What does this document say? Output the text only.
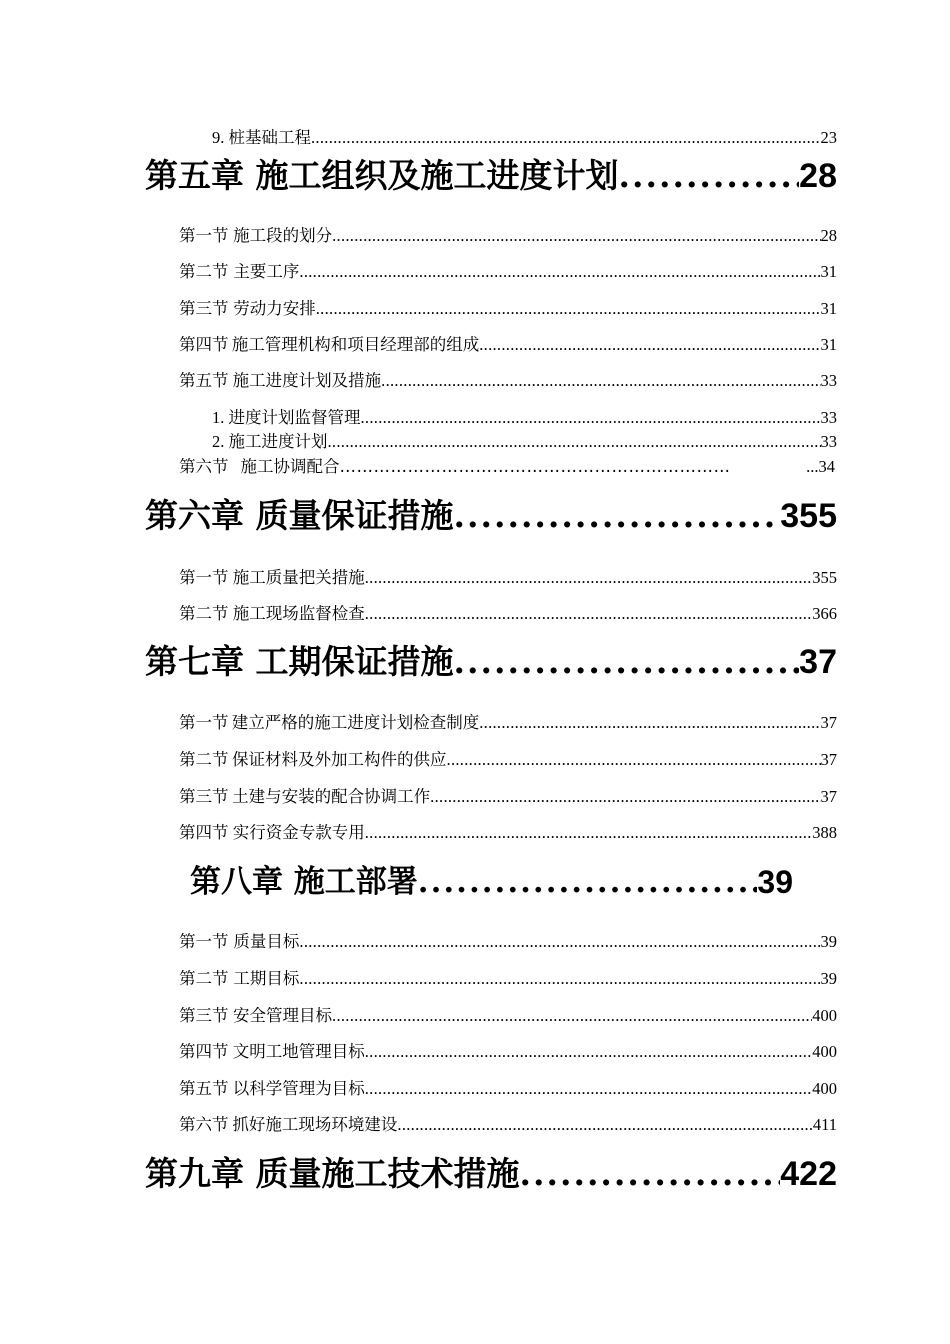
9. 桩基础工程 .....	23
第五章 施工组织及施工进度计划 .....	28
第一节 施工段的划分 .....	28
第二节 主要工序 .....	31
第三节 劳动力安排 .....	31
第四节 施工管理机构和项目经理部的组成 .....	31
第五节 施工进度计划及措施 .....	33
1. 进度计划监督管理 .....	33
2. 施工进度计划 .....	33
第六节 施工协调配合 ……………………………………………………………	...34
第六章 质量保证措施 .....	355
第一节 施工质量把关措施 .....	355
第二节 施工现场监督检查 .....	366
第七章 工期保证措施 .....	37
第一节 建立严格的施工进度计划检查制度 .....	37
第二节 保证材料及外加工构件的供应 .....	37
第三节 土建与安装的配合协调工作 .....	37
第四节 实行资金专款专用 .....	388
第八章 施工部署 .....	39
第一节 质量目标 .....	39
第二节 工期目标 .....	39
第三节 安全管理目标 .....	400
第四节 文明工地管理目标 .....	400
第五节 以科学管理为目标 .....	400
第六节 抓好施工现场环境建设 .....	411
第九章 质量施工技术措施 .....	422
